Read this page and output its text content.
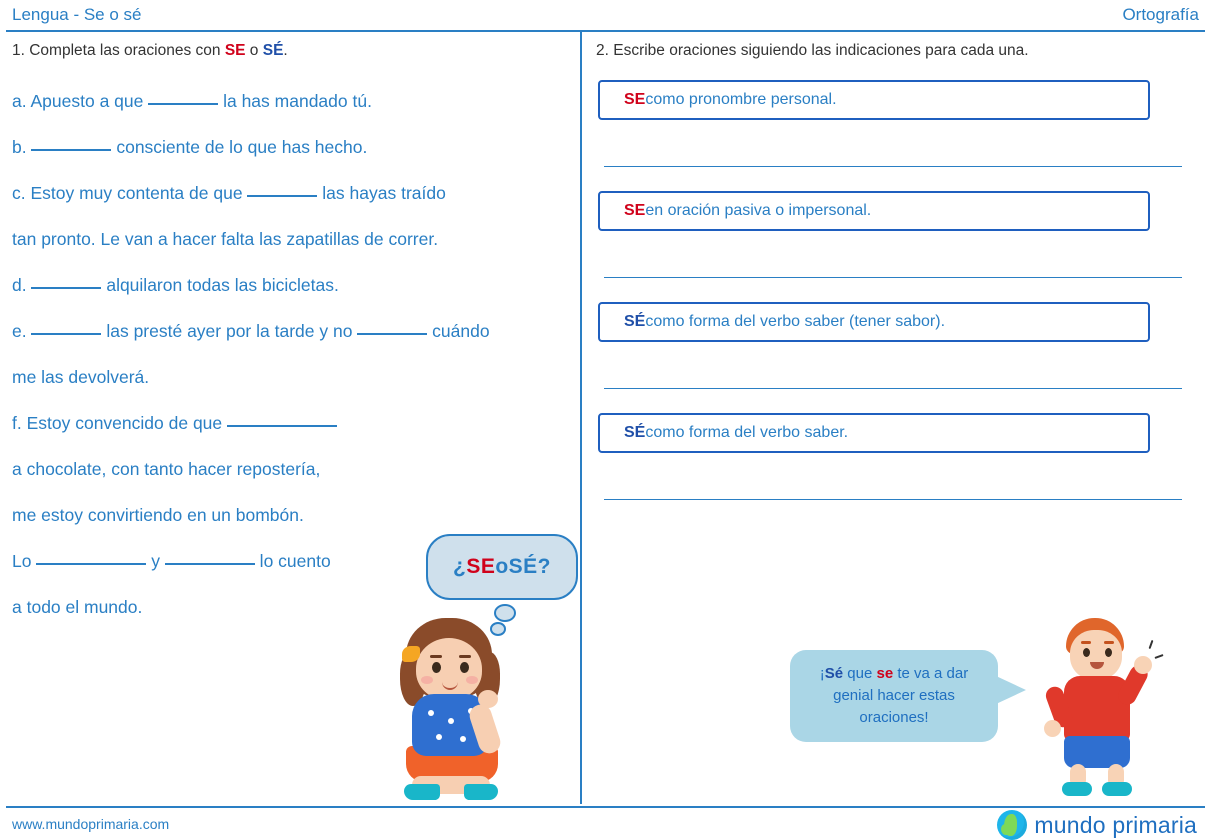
Lengua - Se o sé	Ortografía

1. Completa las oraciones con SE o SÉ.

a. Apuesto a que	la has mandado tú.
b.	consciente de lo que has hecho.
c. Estoy muy contenta de que	las hayas traído
tan pronto. Le van a hacer falta las zapatillas de correr.
d.	alquilaron todas las bicicletas.
e.	las presté ayer por la tarde y no	cuándo
me las devolverá.
f. Estoy convencido de que
a chocolate, con tanto hacer repostería,
me estoy convirtiendo en un bombón.
Lo	y	lo cuento
a todo el mundo.
¿ SE o SÉ ?

2. Escribe oraciones siguiendo las indicaciones para cada una.

SE como pronombre personal.
SE en oración pasiva o impersonal.
SÉ como forma del verbo saber (tener sabor).
SÉ como forma del verbo saber.
¡Sé que se te va a dar genial hacer estas oraciones!
www.mundoprimaria.com	mundo primaria
